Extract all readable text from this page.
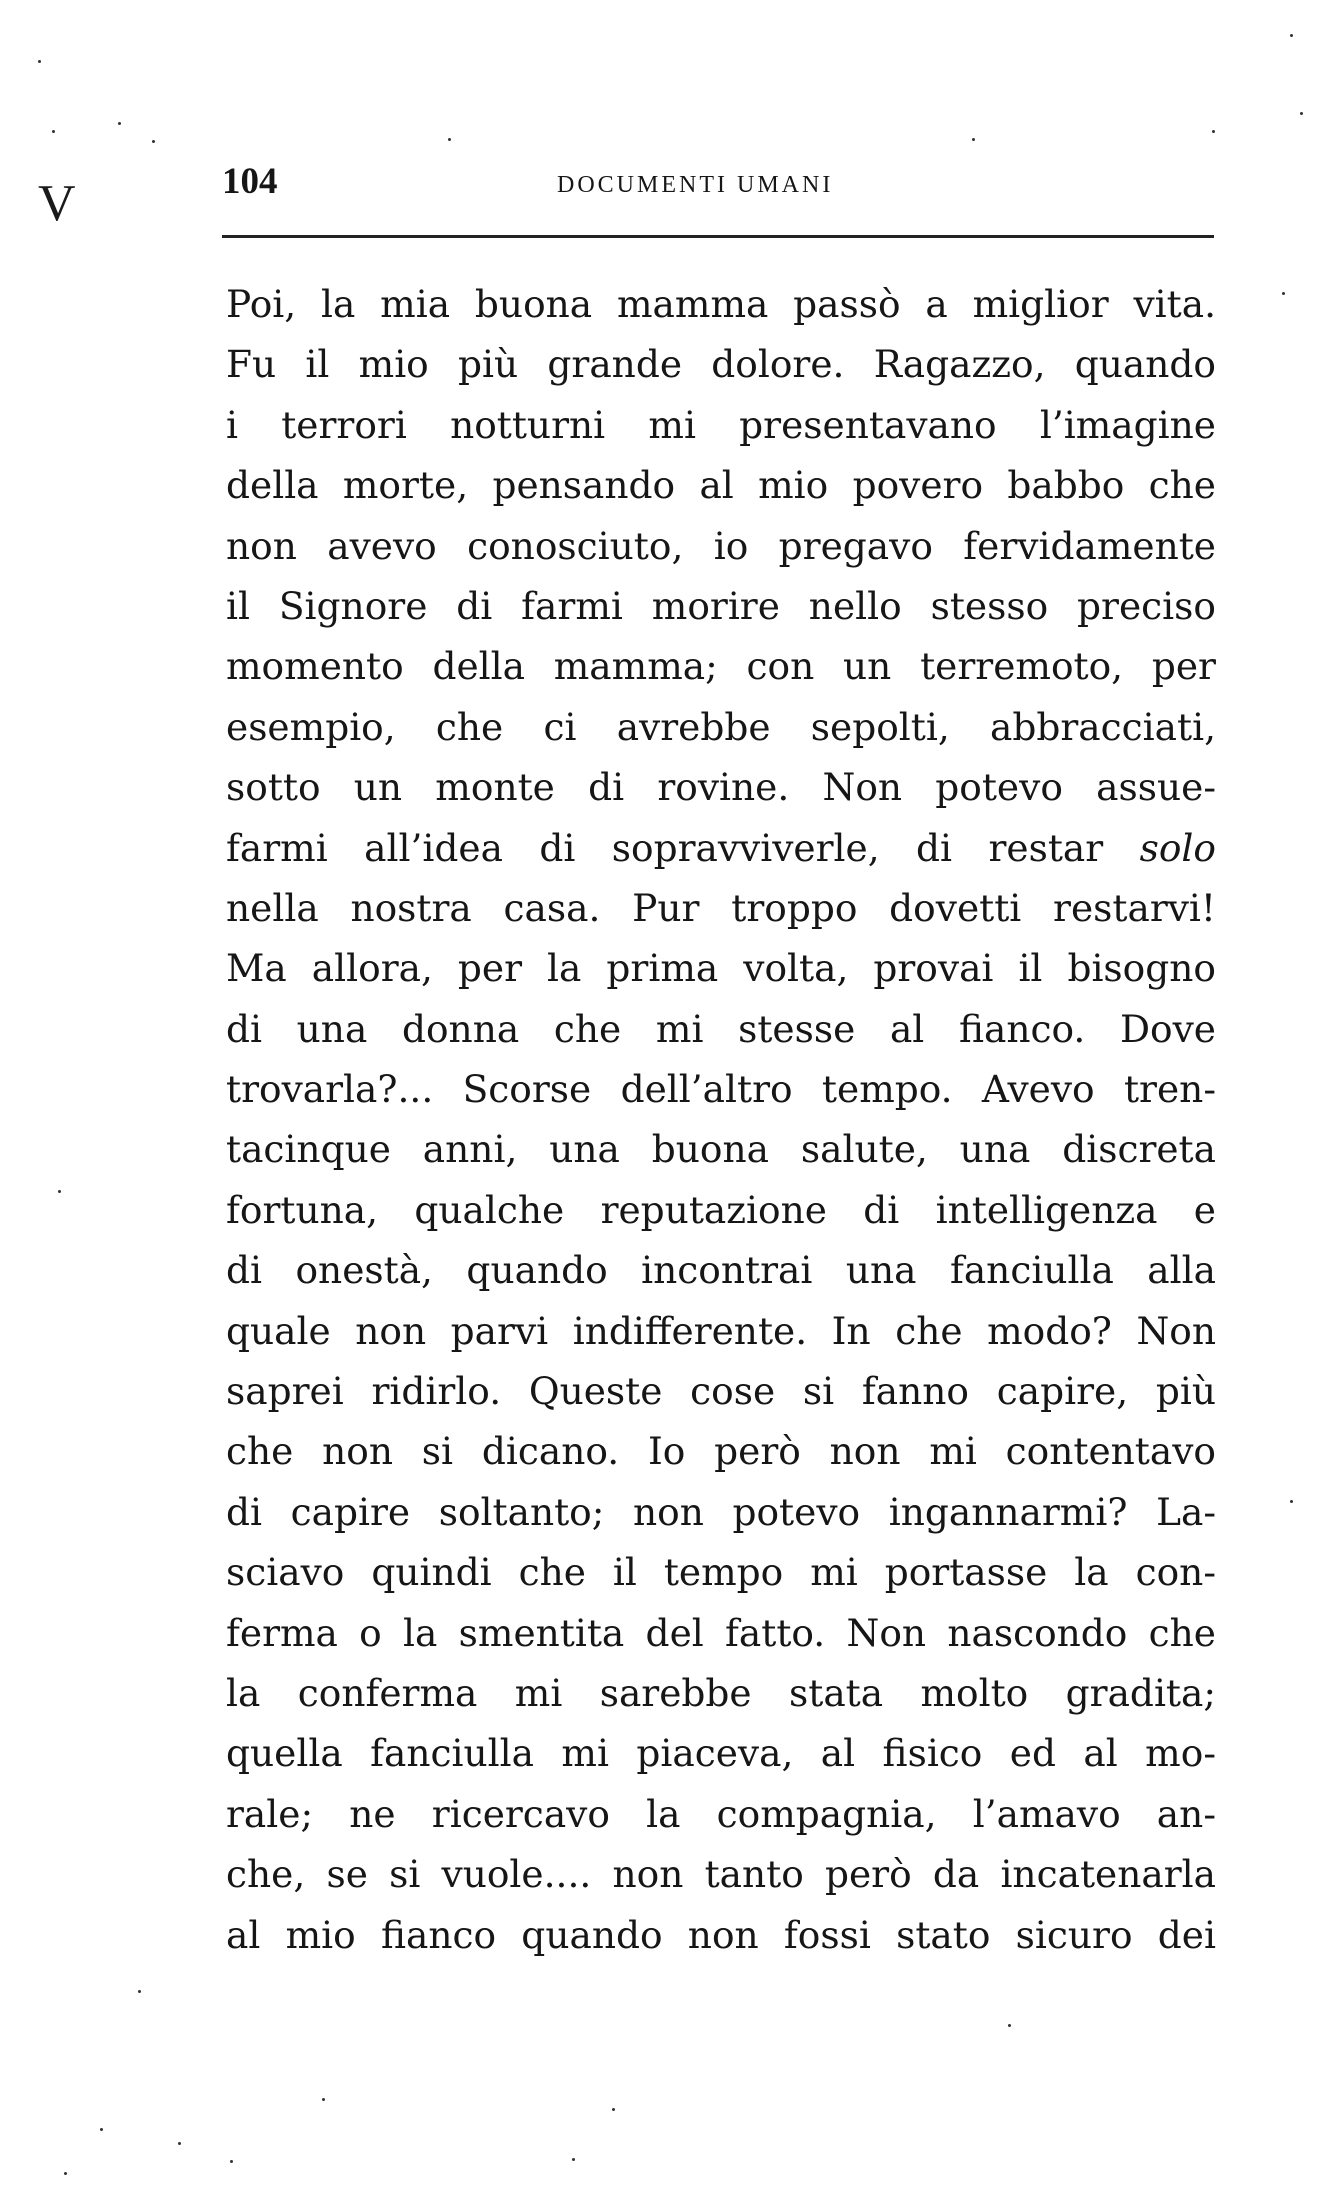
V	104	DOCUMENTI UMANI
Poi, la mia buona mamma passò a miglior vita.
Fu il mio più grande dolore. Ragazzo, quando
i terrori notturni mi presentavano l’imagine
della morte, pensando al mio povero babbo che
non avevo conosciuto, io pregavo fervidamente
il Signore di farmi morire nello stesso preciso
momento della mamma; con un terremoto, per
esempio, che ci avrebbe sepolti, abbracciati,
sotto un monte di rovine. Non potevo assue-
farmi all’idea di sopravviverle, di restar solo
nella nostra casa. Pur troppo dovetti restarvi!
Ma allora, per la prima volta, provai il bisogno
di una donna che mi stesse al fianco. Dove
trovarla?... Scorse dell’altro tempo. Avevo tren-
tacinque anni, una buona salute, una discreta
fortuna, qualche reputazione di intelligenza e
di onestà, quando incontrai una fanciulla alla
quale non parvi indifferente. In che modo? Non
saprei ridirlo. Queste cose si fanno capire, più
che non si dicano. Io però non mi contentavo
di capire soltanto; non potevo ingannarmi? La-
sciavo quindi che il tempo mi portasse la con-
ferma o la smentita del fatto. Non nascondo che
la conferma mi sarebbe stata molto gradita;
quella fanciulla mi piaceva, al fisico ed al mo-
rale; ne ricercavo la compagnia, l’amavo an-
che, se si vuole.... non tanto però da incatenarla
al mio fianco quando non fossi stato sicuro dei
